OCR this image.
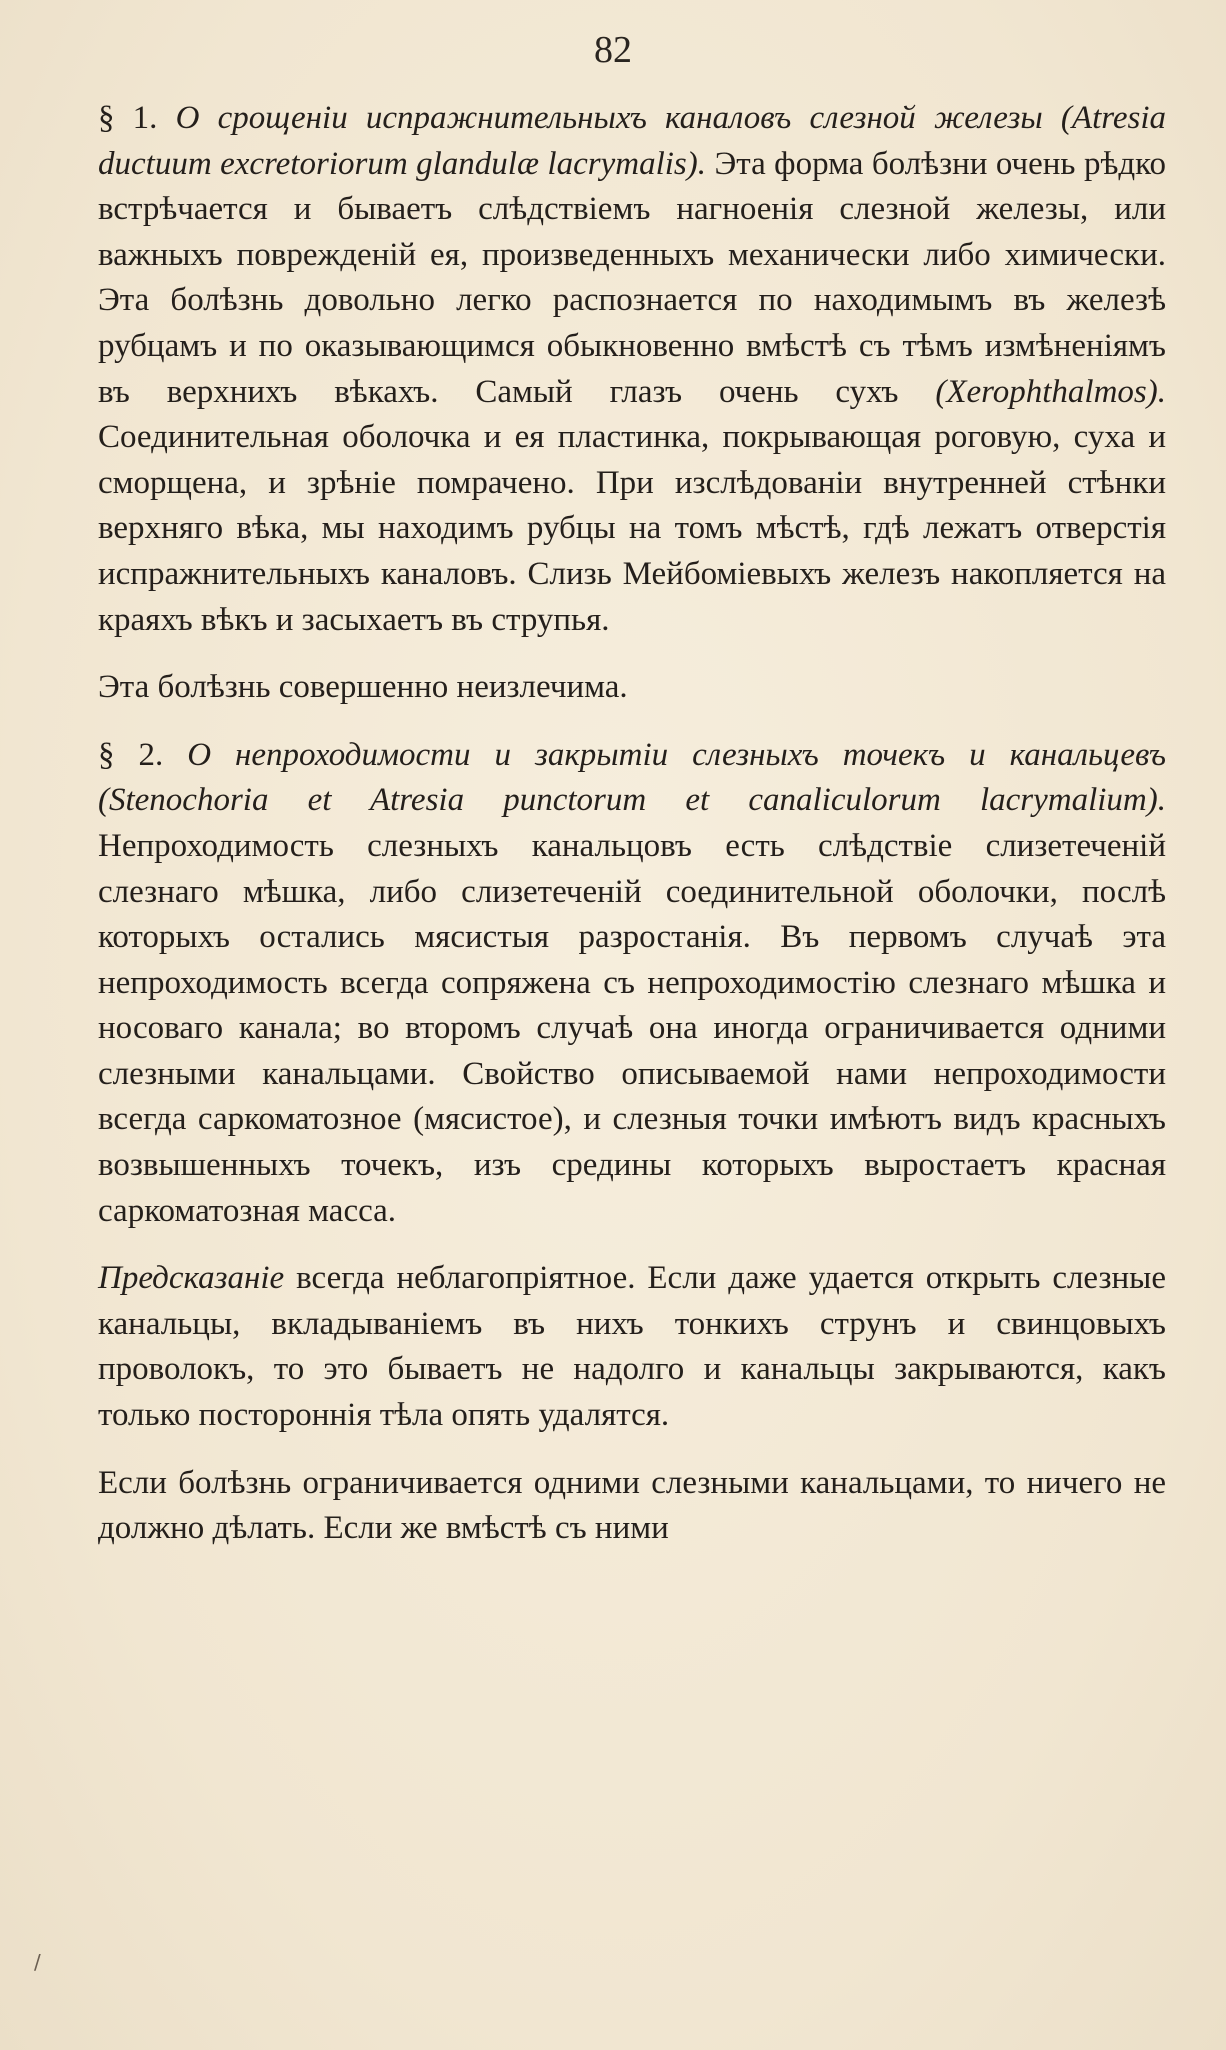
82

§ 1. О срощеніи испражнительныхъ каналовъ слезной железы (Atresia ductuum excretoriorum glandulæ lacrymalis). Эта форма болѣзни очень рѣдко встрѣчается и бываетъ слѣдствіемъ нагноенія слезной железы, или важныхъ поврежденій ея, произведенныхъ механически либо химически. Эта болѣзнь довольно легко распознается по находимымъ въ железѣ рубцамъ и по оказывающимся обыкновенно вмѣстѣ съ тѣмъ измѣненіямъ въ верхнихъ вѣкахъ. Самый глазъ очень сухъ (Xerophthalmos). Соединительная оболочка и ея пластинка, покрывающая роговую, суха и сморщена, и зрѣніе помрачено. При изслѣдованіи внутренней стѣнки верхняго вѣка, мы находимъ рубцы на томъ мѣстѣ, гдѣ лежатъ отверстія испражнительныхъ каналовъ. Слизь Мейбоміевыхъ железъ накопляется на краяхъ вѣкъ и засыхаетъ въ струпья.

Эта болѣзнь совершенно неизлечима.

§ 2. О непроходимости и закрытіи слезныхъ точекъ и канальцевъ (Stenochoria et Atresia punctorum et canaliculorum lacrymalium). Непроходимость слезныхъ канальцовъ есть слѣдствіе слизетеченій слезнаго мѣшка, либо слизетеченій соединительной оболочки, послѣ которыхъ остались мясистыя разростанія. Въ первомъ случаѣ эта непроходимость всегда сопряжена съ непроходимостію слезнаго мѣшка и носоваго канала; во второмъ случаѣ она иногда ограничивается одними слезными канальцами. Свойство описываемой нами непроходимости всегда саркоматозное (мясистое), и слезныя точки имѣютъ видъ красныхъ возвышенныхъ точекъ, изъ средины которыхъ выростаетъ красная саркоматозная масса.

Предсказаніе всегда неблагопріятное. Если даже удается открыть слезные канальцы, вкладываніемъ въ нихъ тонкихъ струнъ и свинцовыхъ проволокъ, то это бываетъ не надолго и канальцы закрываются, какъ только постороннія тѣла опять удалятся.

Если болѣзнь ограничивается одними слезными канальцами, то ничего не должно дѣлать. Если же вмѣстѣ съ ними

/
